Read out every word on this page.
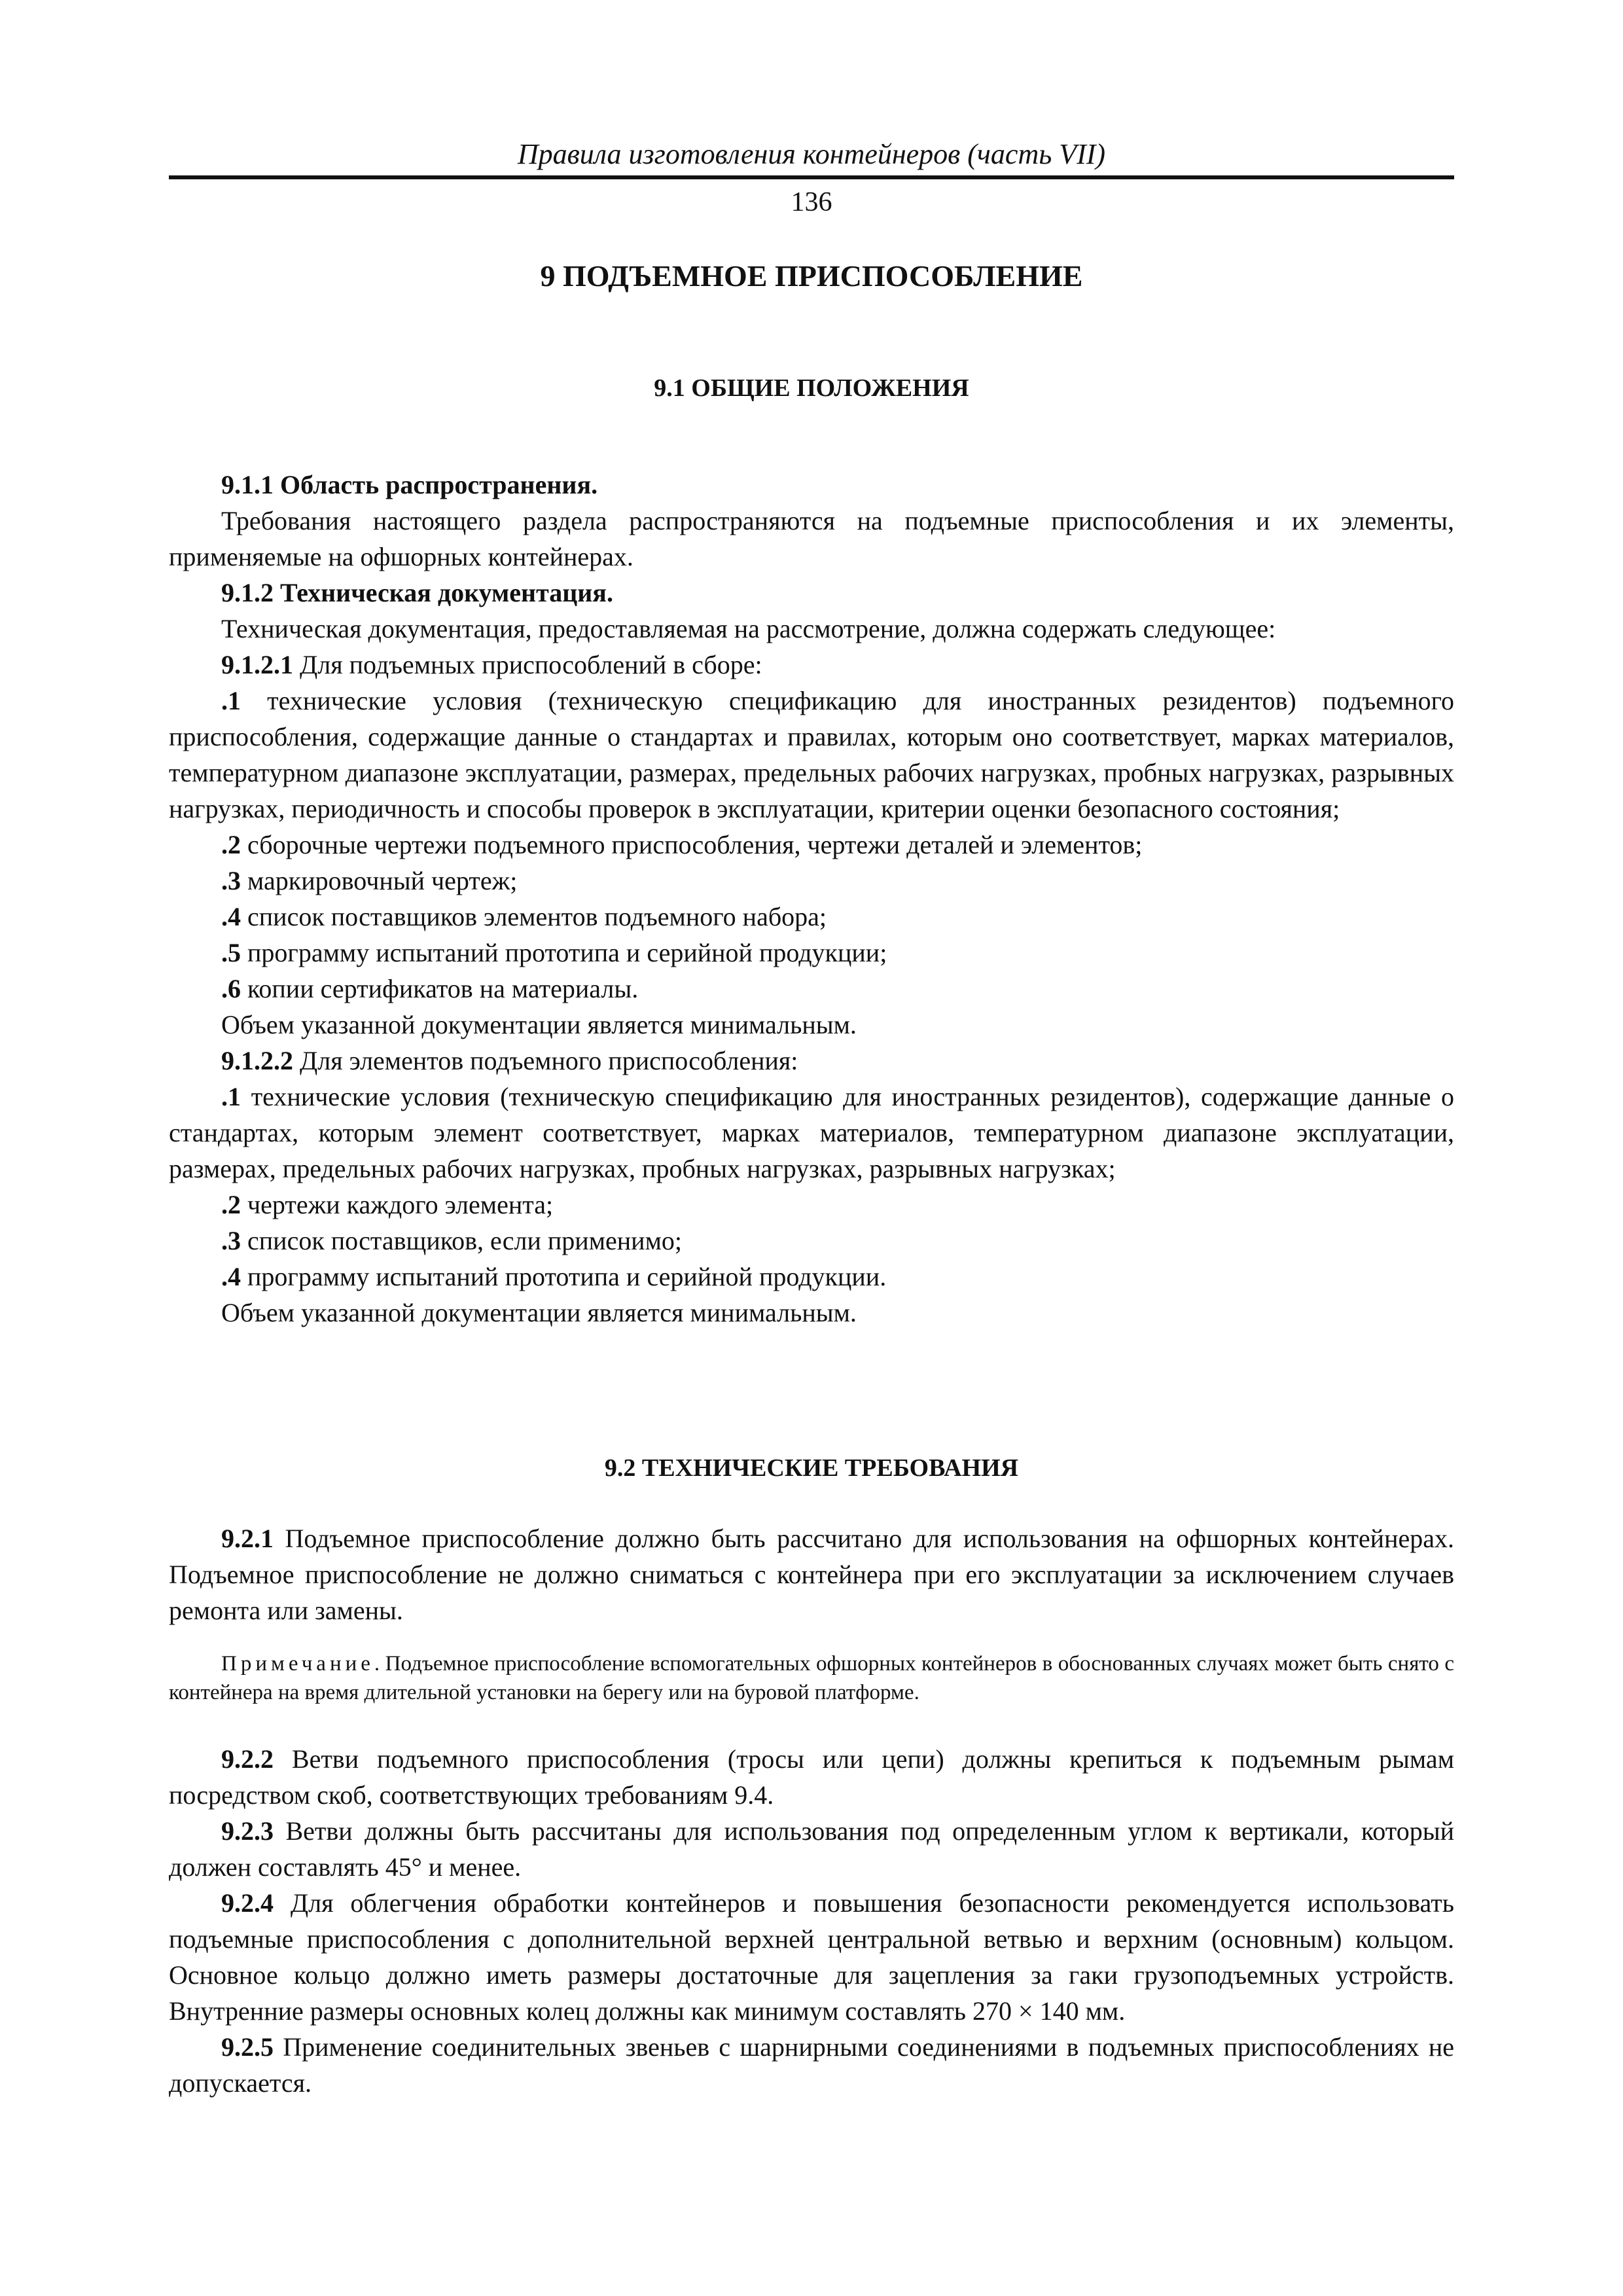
Правила изготовления контейнеров (часть VII)
136
9 ПОДЪЕМНОЕ ПРИСПОСОБЛЕНИЕ
9.1 ОБЩИЕ ПОЛОЖЕНИЯ

9.1.1 Область распространения.

Требования настоящего раздела распространяются на подъемные приспособления и их элементы, применяемые на офшорных контейнерах.

9.1.2 Техническая документация.

Техническая документация, предоставляемая на рассмотрение, должна содержать следующее:

9.1.2.1 Для подъемных приспособлений в сборе:

.1 технические условия (техническую спецификацию для иностранных резидентов) подъемного приспособления, содержащие данные о стандартах и правилах, которым оно соответствует, марках материалов, температурном диапазоне эксплуатации, размерах, предельных рабочих нагрузках, пробных нагрузках, разрывных нагрузках, периодичность и способы проверок в эксплуатации, критерии оценки безопасного состояния;

.2 сборочные чертежи подъемного приспособления, чертежи деталей и элементов;

.3 маркировочный чертеж;

.4 список поставщиков элементов подъемного набора;

.5 программу испытаний прототипа и серийной продукции;

.6 копии сертификатов на материалы.

Объем указанной документации является минимальным.

9.1.2.2 Для элементов подъемного приспособления:

.1 технические условия (техническую спецификацию для иностранных резидентов), содержащие данные о стандартах, которым элемент соответствует, марках материалов, температурном диапазоне эксплуатации, размерах, предельных рабочих нагрузках, пробных нагрузках, разрывных нагрузках;

.2 чертежи каждого элемента;

.3 список поставщиков, если применимо;

.4 программу испытаний прототипа и серийной продукции.

Объем указанной документации является минимальным.

9.2 ТЕХНИЧЕСКИЕ ТРЕБОВАНИЯ

9.2.1 Подъемное приспособление должно быть рассчитано для использования на офшорных контейнерах. Подъемное приспособление не должно сниматься с контейнера при его эксплуатации за исключением случаев ремонта или замены.

Примечание. Подъемное приспособление вспомогательных офшорных контейнеров в обоснованных случаях может быть снято с контейнера на время длительной установки на берегу или на буровой платформе.

9.2.2 Ветви подъемного приспособления (тросы или цепи) должны крепиться к подъемным рымам посредством скоб, соответствующих требованиям 9.4.

9.2.3 Ветви должны быть рассчитаны для использования под определенным углом к вертикали, который должен составлять 45° и менее.

9.2.4 Для облегчения обработки контейнеров и повышения безопасности рекомендуется использовать подъемные приспособления с дополнительной верхней центральной ветвью и верхним (основным) кольцом. Основное кольцо должно иметь размеры достаточные для зацепления за гаки грузоподъемных устройств. Внутренние размеры основных колец должны как минимум составлять 270 × 140 мм.

9.2.5 Применение соединительных звеньев с шарнирными соединениями в подъемных приспособлениях не допускается.
